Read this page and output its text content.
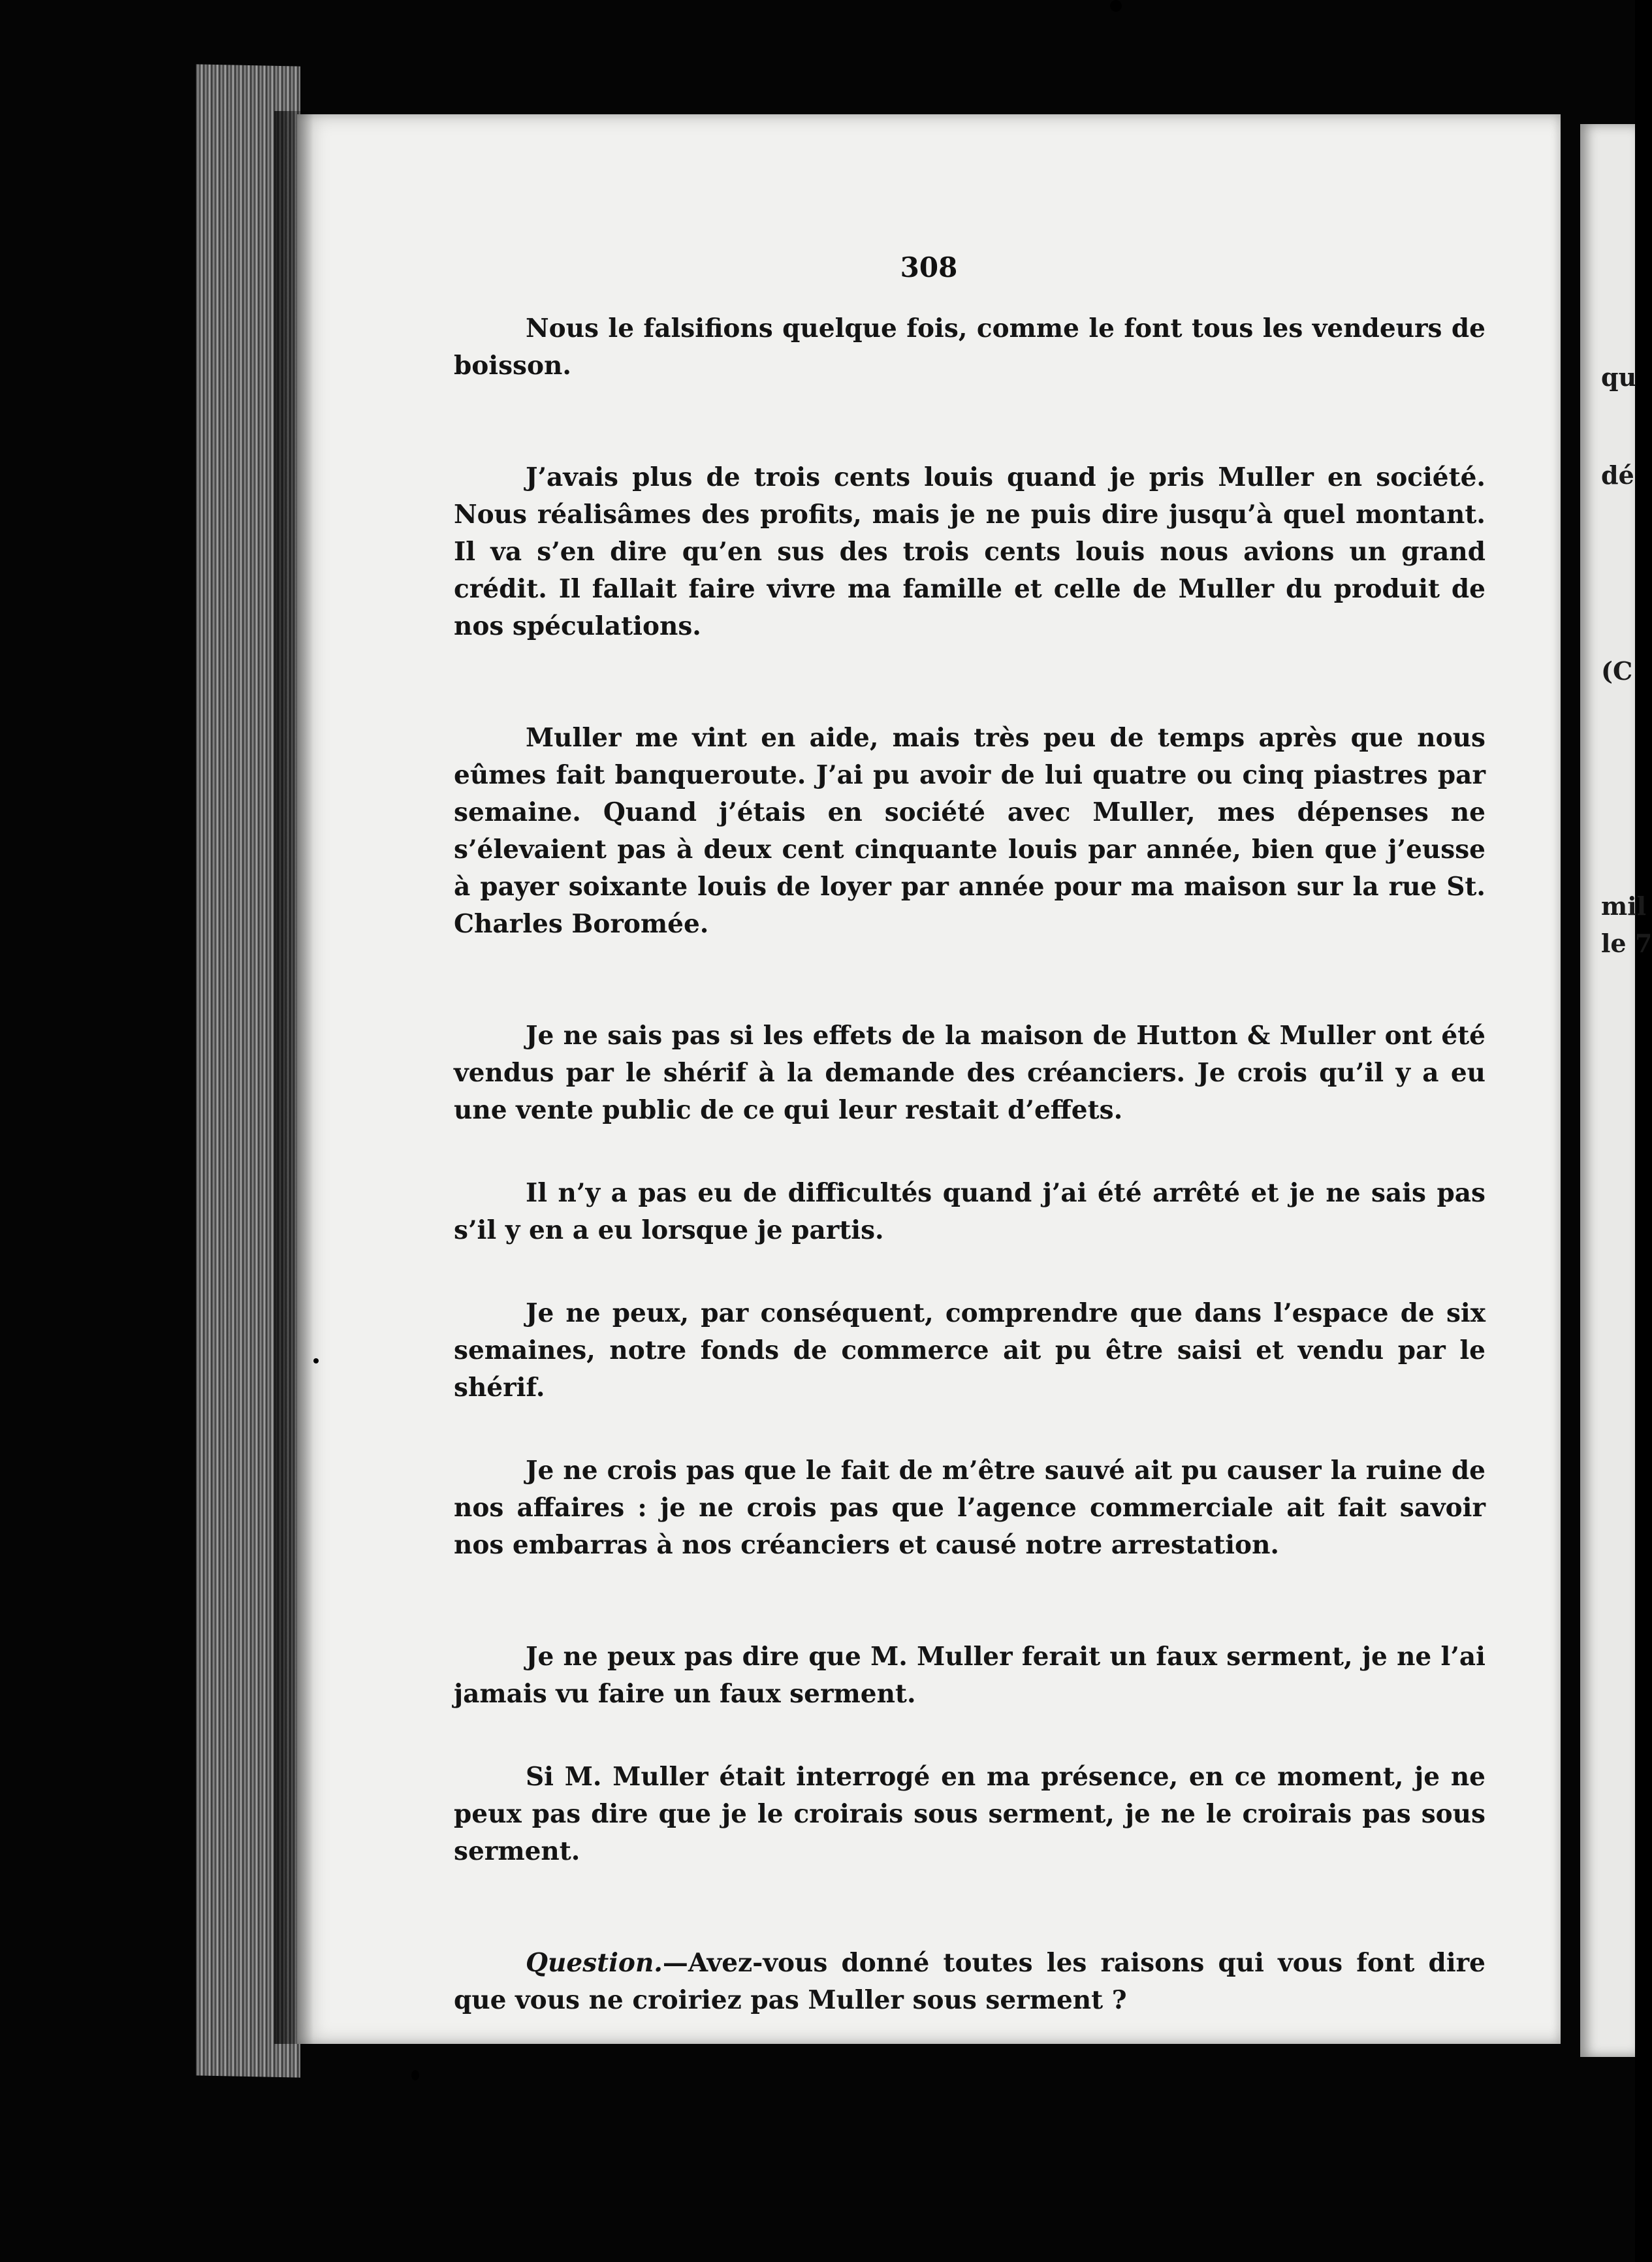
308

Nous le falsifions quelque fois, comme le font tous les vendeurs de boisson.

J’avais plus de trois cents louis quand je pris Muller en société. Nous réalisâmes des profits, mais je ne puis dire jusqu’à quel montant. Il va s’en dire qu’en sus des trois cents louis nous avions un grand crédit. Il fallait faire vivre ma famille et celle de Muller du produit de nos spéculations.

Muller me vint en aide, mais très peu de temps après que nous eûmes fait banqueroute. J’ai pu avoir de lui quatre ou cinq piastres par semaine. Quand j’étais en société avec Muller, mes dépenses ne s’élevaient pas à deux cent cinquante louis par année, bien que j’eusse à payer soixante louis de loyer par année pour ma maison sur la rue St. Charles Boromée.

Je ne sais pas si les effets de la maison de Hutton & Muller ont été vendus par le shérif à la demande des créanciers. Je crois qu’il y a eu une vente public de ce qui leur restait d’effets.

Il n’y a pas eu de difficultés quand j’ai été arrêté et je ne sais pas s’il y en a eu lorsque je partis.

Je ne peux, par conséquent, comprendre que dans l’espace de six semaines, notre fonds de commerce ait pu être saisi et vendu par le shérif.

Je ne crois pas que le fait de m’être sauvé ait pu causer la ruine de nos affaires : je ne crois pas que l’agence commerciale ait fait savoir nos embarras à nos créanciers et causé notre arrestation.

Je ne peux pas dire que M. Muller ferait un faux serment, je ne l’ai jamais vu faire un faux serment.

Si M. Muller était interrogé en ma présence, en ce moment, je ne peux pas dire que je le croirais sous serment, je ne le croirais pas sous serment.

Question.—Avez-vous donné toutes les raisons qui vous font dire que vous ne croiriez pas Muller sous serment ?

qu
dé
(C
mil
le 7
